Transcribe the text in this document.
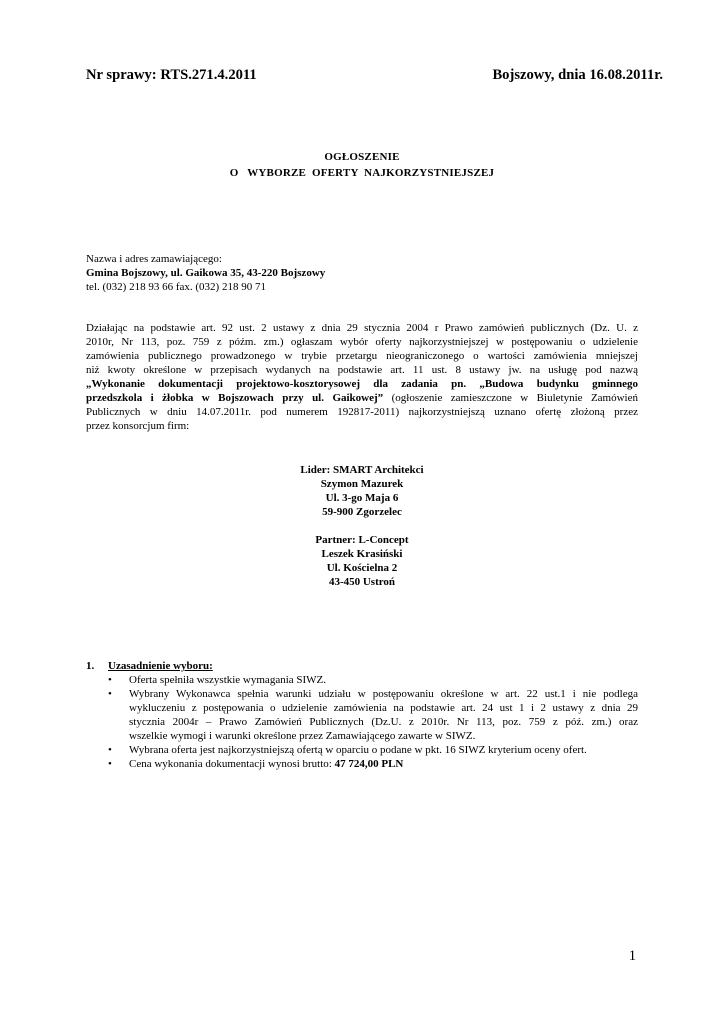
Nr sprawy: RTS.271.4.2011	Bojszowy, dnia 16.08.2011r.
OGŁOSZENIE
O   WYBORZE  OFERTY  NAJKORZYSTNIEJSZEJ
Nazwa i adres zamawiającego:
Gmina Bojszowy, ul. Gaikowa 35, 43-220 Bojszowy
tel. (032) 218 93 66 fax. (032) 218 90 71
Działając na podstawie art. 92 ust. 2 ustawy z dnia 29 stycznia 2004 r Prawo zamówień publicznych (Dz. U. z
2010r, Nr 113, poz. 759 z późm. zm.) ogłaszam wybór oferty najkorzystniejszej w postępowaniu o udzielenie
zamówienia publicznego prowadzonego w trybie przetargu nieograniczonego o wartości zamówienia mniejszej
niż kwoty określone w przepisach wydanych na podstawie art. 11 ust. 8 ustawy jw. na usługę pod nazwą
„Wykonanie dokumentacji projektowo-kosztorysowej dla zadania pn. „Budowa budynku gminnego
przedszkola i żłobka w Bojszowach przy ul. Gaikowej” (ogłoszenie zamieszczone w Biuletynie Zamówień
Publicznych w dniu 14.07.2011r. pod numerem 192817-2011) najkorzystniejszą uznano ofertę złożoną przez
przez konsorcjum firm:
Lider: SMART Architekci
Szymon Mazurek
Ul. 3-go Maja 6
59-900 Zgorzelec
Partner: L-Concept
Leszek Krasiński
Ul. Kościelna 2
43-450 Ustroń
1. Uzasadnienie wyboru:
• Oferta spełniła wszystkie wymagania SIWZ.
• Wybrany Wykonawca spełnia warunki udziału w postępowaniu określone w art. 22 ust.1 i nie podlega
wykluczeniu z postępowania o udzielenie zamówienia na podstawie art. 24 ust 1 i 2 ustawy z dnia 29
stycznia 2004r – Prawo Zamówień Publicznych (Dz.U. z 2010r. Nr 113, poz. 759 z póź. zm.) oraz
wszelkie wymogi i warunki określone przez Zamawiającego zawarte w SIWZ.
• Wybrana oferta jest najkorzystniejszą ofertą w oparciu o podane w pkt. 16 SIWZ kryterium oceny ofert.
• Cena wykonania dokumentacji wynosi brutto: 47 724,00 PLN
1
